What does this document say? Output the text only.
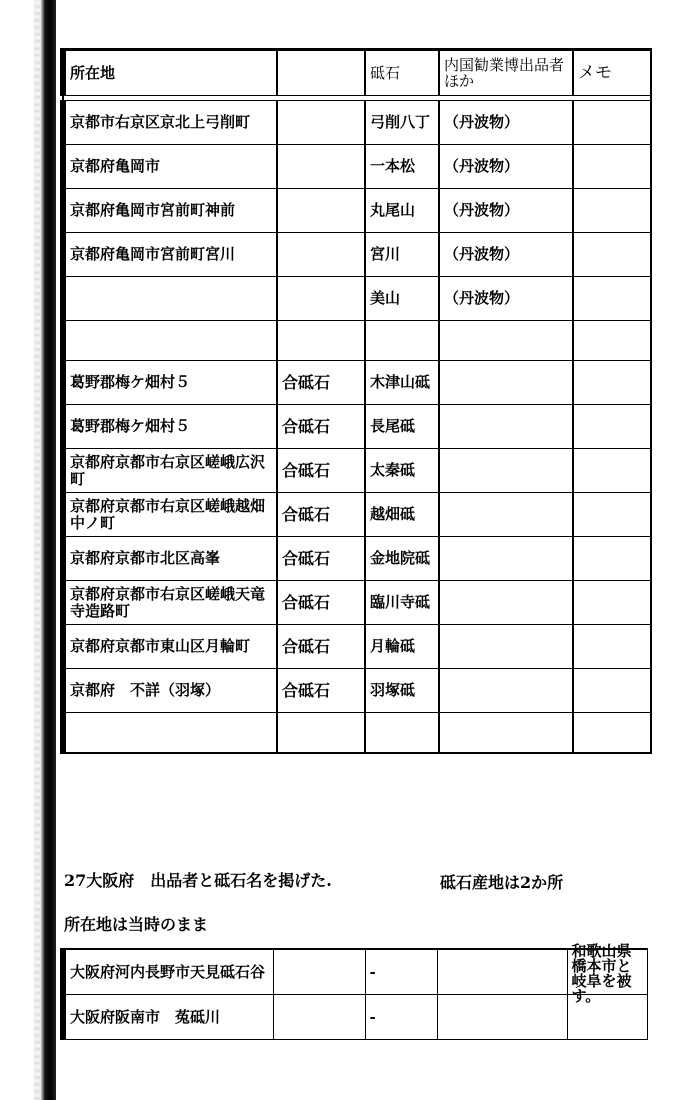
所在地		砥石	内国勧業博出品者ほか	メモ

京都市右京区京北上弓削町		弓削八丁	（丹波物）	
京都府亀岡市		一本松	（丹波物）	
京都府亀岡市宮前町神前		丸尾山	（丹波物）	
京都府亀岡市宮前町宮川		宮川	（丹波物）	
		美山	（丹波物）	

葛野郡梅ケ畑村５	合砥石	木津山砥		
葛野郡梅ケ畑村５	合砥石	長尾砥		
京都府京都市右京区嵯峨広沢町	合砥石	太秦砥		
京都府京都市右京区嵯峨越畑中ノ町	合砥石	越畑砥		
京都府京都市北区高峯	合砥石	金地院砥		
京都府京都市右京区嵯峨天竜寺造路町	合砥石	臨川寺砥		
京都府京都市東山区月輪町	合砥石	月輪砥		
京都府　不詳（羽塚）	合砥石	羽塚砥		

27大阪府　出品者と砥石名を掲げた.	砥石産地は2か所
所在地は当時のまま
大阪府河内長野市天見砥石谷		-		和歌山県橋本市と岐阜を被す。

大阪府阪南市　菟砥川		-		
